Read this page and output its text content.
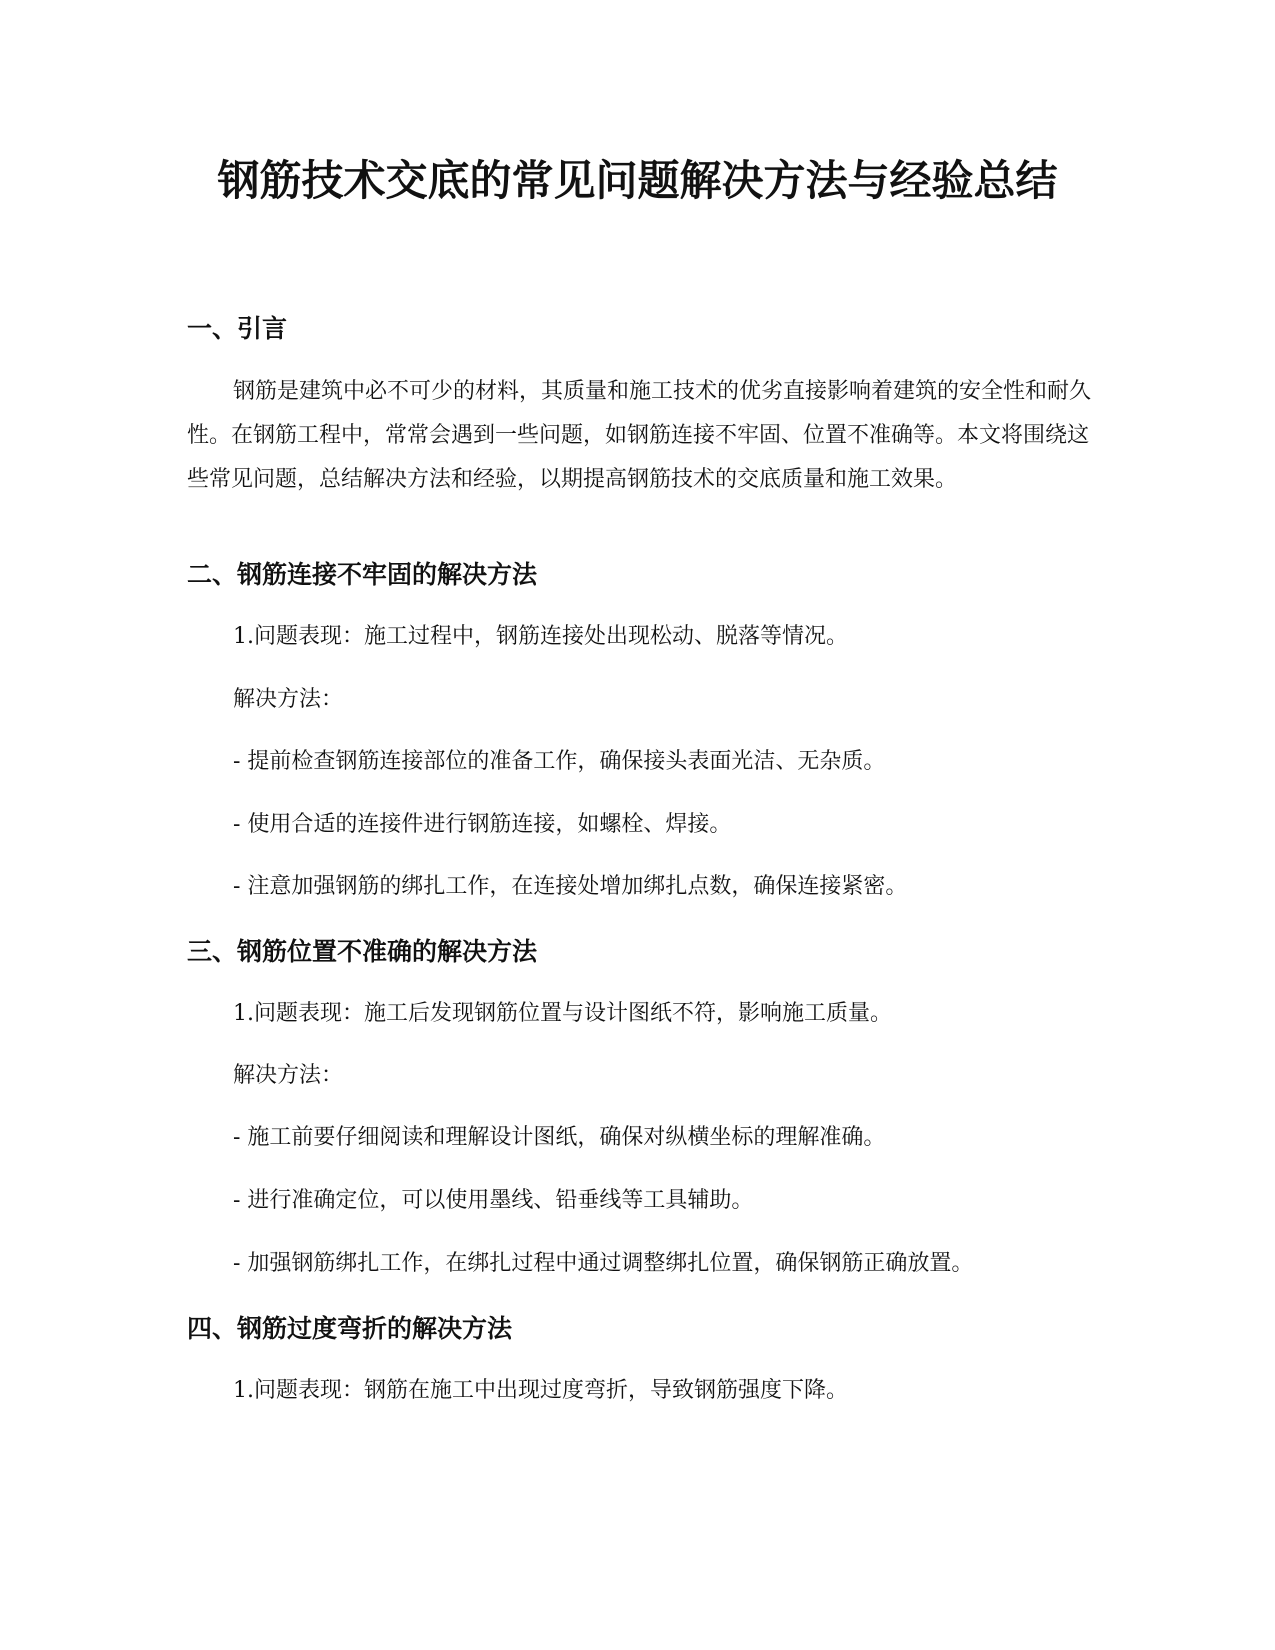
钢筋技术交底的常见问题解决方法与经验总结
一、引言

钢筋是建筑中必不可少的材料，其质量和施工技术的优劣直接影响着建筑的安全性和耐久性。在钢筋工程中，常常会遇到一些问题，如钢筋连接不牢固、位置不准确等。本文将围绕这些常见问题，总结解决方法和经验，以期提高钢筋技术的交底质量和施工效果。

二、钢筋连接不牢固的解决方法

1.问题表现：施工过程中，钢筋连接处出现松动、脱落等情况。

解决方法：

- 提前检查钢筋连接部位的准备工作，确保接头表面光洁、无杂质。

- 使用合适的连接件进行钢筋连接，如螺栓、焊接。

- 注意加强钢筋的绑扎工作，在连接处增加绑扎点数，确保连接紧密。

三、钢筋位置不准确的解决方法

1.问题表现：施工后发现钢筋位置与设计图纸不符，影响施工质量。

解决方法：

- 施工前要仔细阅读和理解设计图纸，确保对纵横坐标的理解准确。

- 进行准确定位，可以使用墨线、铅垂线等工具辅助。

- 加强钢筋绑扎工作，在绑扎过程中通过调整绑扎位置，确保钢筋正确放置。

四、钢筋过度弯折的解决方法

1.问题表现：钢筋在施工中出现过度弯折，导致钢筋强度下降。
